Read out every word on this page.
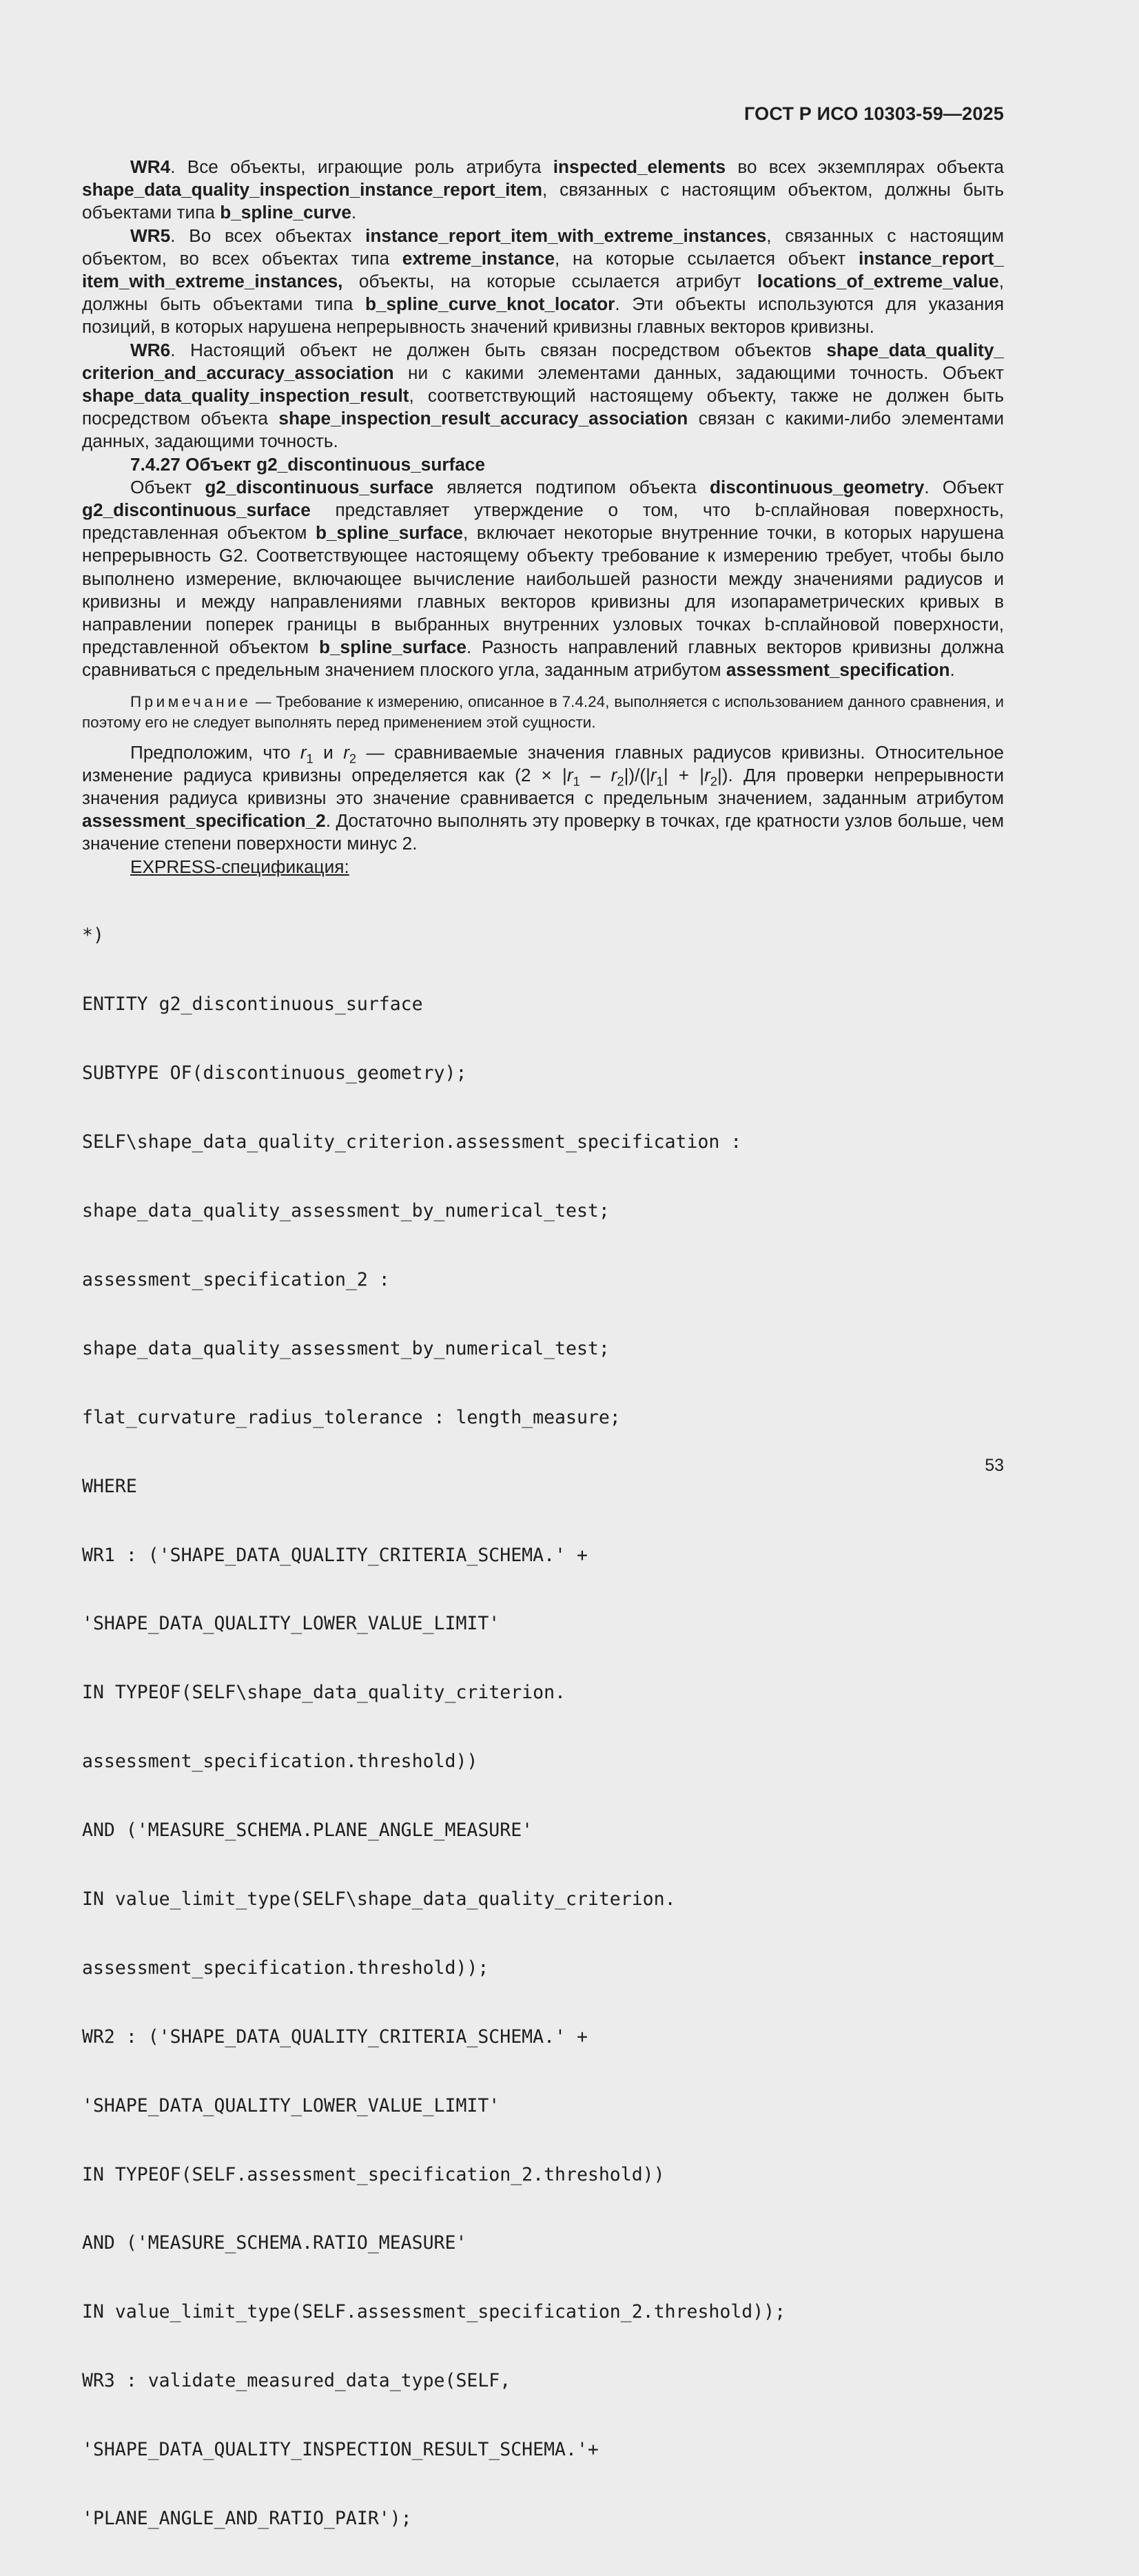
ГОСТ Р ИСО 10303-59—2025

WR4. Все объекты, играющие роль атрибута inspected_elements во всех экземплярах объекта shape_data_quality_inspection_instance_report_item, связанных с настоящим объектом, должны быть объектами типа b_spline_curve.

WR5. Во всех объектах instance_report_item_with_extreme_instances, связанных с настоящим объектом, во всех объектах типа extreme_instance, на которые ссылается объект instance_report_ item_with_extreme_instances, объекты, на которые ссылается атрибут locations_of_extreme_value, должны быть объектами типа b_spline_curve_knot_locator. Эти объекты используются для указания позиций, в которых нарушена непрерывность значений кривизны главных векторов кривизны.

WR6. Настоящий объект не должен быть связан посредством объектов shape_data_quality_ criterion_and_accuracy_association ни с какими элементами данных, задающими точность. Объект shape_data_quality_inspection_result, соответствующий настоящему объекту, также не должен быть посредством объекта shape_inspection_result_accuracy_association связан с какими-либо элементами данных, задающими точность.

7.4.27 Объект g2_discontinuous_surface

Объект g2_discontinuous_surface является подтипом объекта discontinuous_geometry. Объект g2_discontinuous_surface представляет утверждение о том, что b-сплайновая поверхность, представленная объектом b_spline_surface, включает некоторые внутренние точки, в которых нарушена непрерывность G2. Соответствующее настоящему объекту требование к измерению требует, чтобы было выполнено измерение, включающее вычисление наибольшей разности между значениями радиусов и кривизны и между направлениями главных векторов кривизны для изопараметрических кривых в направлении поперек границы в выбранных внутренних узловых точках b-сплайновой поверхности, представленной объектом b_spline_surface. Разность направлений главных векторов кривизны должна сравниваться с предельным значением плоского угла, заданным атрибутом assessment_specification.

Примечание — Требование к измерению, описанное в 7.4.24, выполняется с использованием данного сравнения, и поэтому его не следует выполнять перед применением этой сущности.

Предположим, что $r_1$ и $r_2$ — сравниваемые значения главных радиусов кривизны. Относительное изменение радиуса кривизны определяется как $(2 \times |r_1 - r_2|)/(|r_1| + |r_2|)$. Для проверки непрерывности значения радиуса кривизны это значение сравнивается с предельным значением, заданным атрибутом assessment_specification_2. Достаточно выполнять эту проверку в точках, где кратности узлов больше, чем значение степени поверхности минус 2.

EXPRESS-спецификация:

*)

ENTITY g2_discontinuous_surface

SUBTYPE OF(discontinuous_geometry);

SELF\shape_data_quality_criterion.assessment_specification :

shape_data_quality_assessment_by_numerical_test;

assessment_specification_2 :

shape_data_quality_assessment_by_numerical_test;

flat_curvature_radius_tolerance : length_measure;

WHERE

WR1 : ('SHAPE_DATA_QUALITY_CRITERIA_SCHEMA.' +

'SHAPE_DATA_QUALITY_LOWER_VALUE_LIMIT'

IN TYPEOF(SELF\shape_data_quality_criterion.

assessment_specification.threshold))

AND ('MEASURE_SCHEMA.PLANE_ANGLE_MEASURE'

IN value_limit_type(SELF\shape_data_quality_criterion.

assessment_specification.threshold));

WR2 : ('SHAPE_DATA_QUALITY_CRITERIA_SCHEMA.' +

'SHAPE_DATA_QUALITY_LOWER_VALUE_LIMIT'

IN TYPEOF(SELF.assessment_specification_2.threshold))

AND ('MEASURE_SCHEMA.RATIO_MEASURE'

IN value_limit_type(SELF.assessment_specification_2.threshold));

WR3 : validate_measured_data_type(SELF,

'SHAPE_DATA_QUALITY_INSPECTION_RESULT_SCHEMA.'+

'PLANE_ANGLE_AND_RATIO_PAIR');

53
